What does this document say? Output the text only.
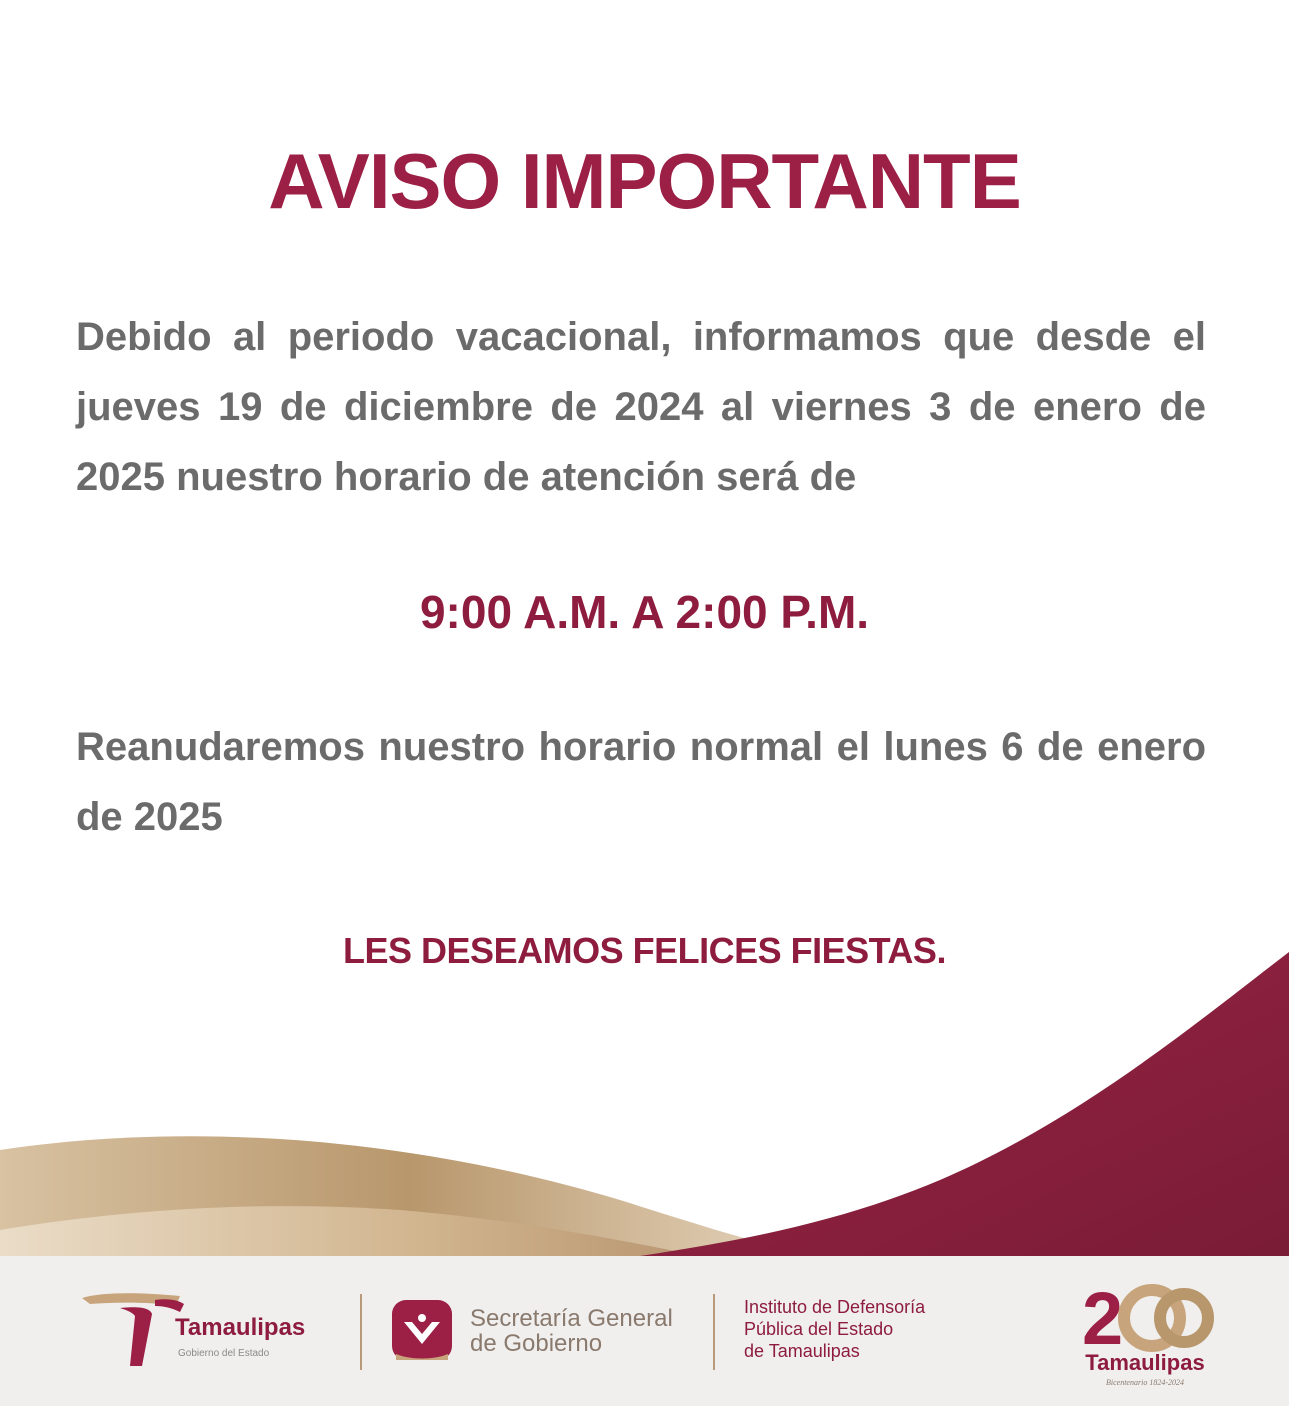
AVISO IMPORTANTE
Debido al periodo vacacional, informamos que desde el jueves 19 de diciembre de 2024 al viernes 3 de enero de 2025 nuestro horario de atención será de
9:00 A.M. A 2:00 P.M.
Reanudaremos nuestro horario normal el lunes 6 de enero de 2025
LES DESEAMOS FELICES FIESTAS.
Tamaulipas
Gobierno del Estado
Secretaría General
de Gobierno
Instituto de Defensoría
Pública del Estado
de Tamaulipas	2
Tamaulipas
Bicentenario 1824-2024
